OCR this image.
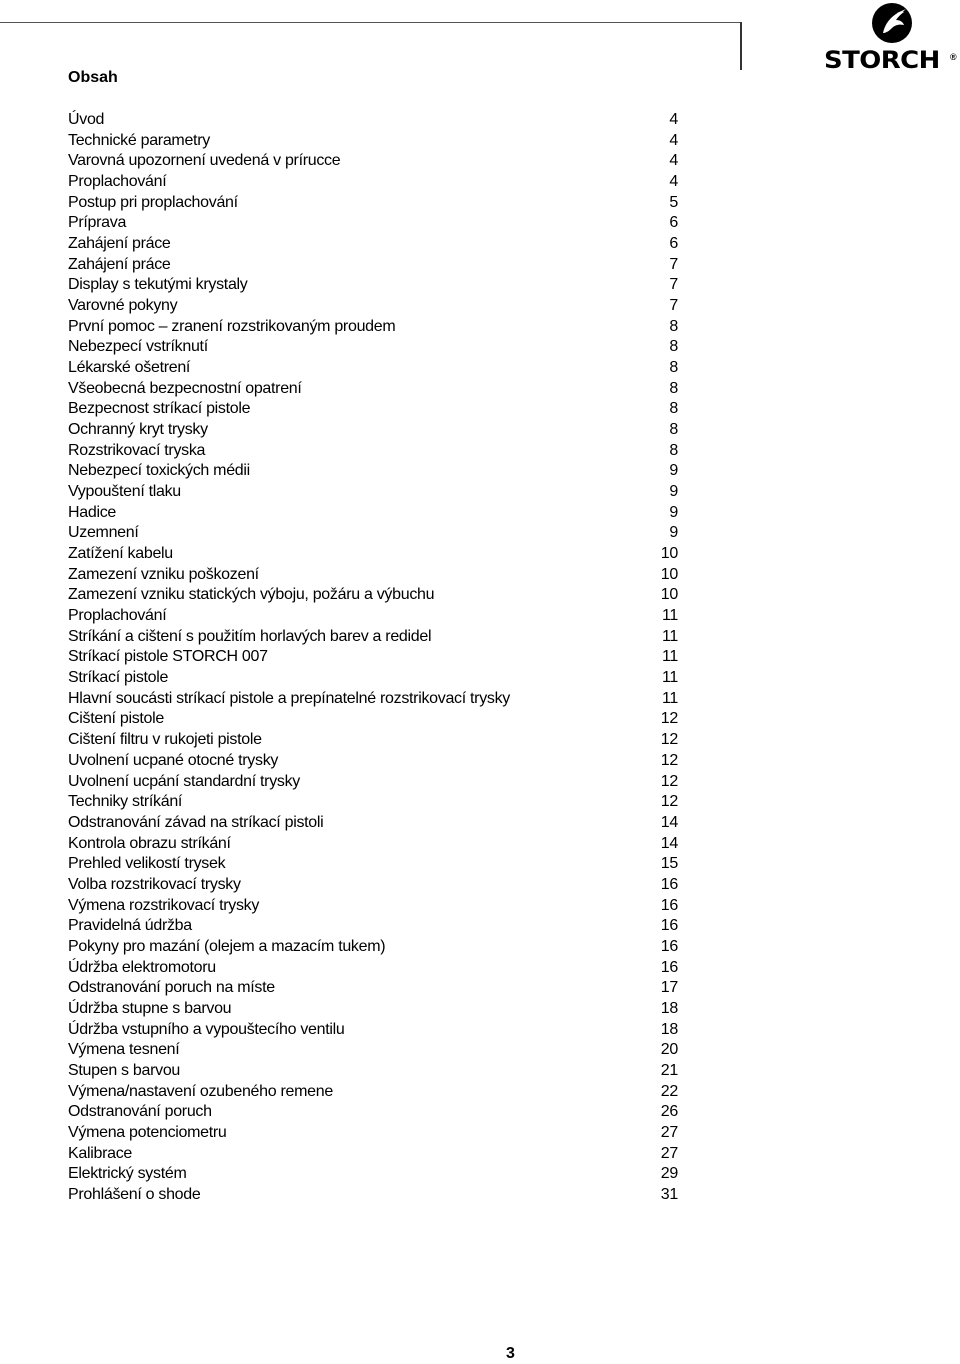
STORCH ®
Obsah
Úvod	4
Technické parametry	4
Varovná upozornení uvedená v prírucce	4
Proplachování	4
Postup pri proplachování	5
Príprava	6
Zahájení práce	6
Zahájení práce	7
Display s tekutými krystaly	7
Varovné pokyny	7
První pomoc – zranení rozstrikovaným proudem	8
Nebezpecí vstríknutí	8
Lékarské ošetrení	8
Všeobecná bezpecnostní opatrení	8
Bezpecnost stríkací pistole	8
Ochranný kryt trysky	8
Rozstrikovací tryska	8
Nebezpecí toxických médii	9
Vypouštení tlaku	9
Hadice	9
Uzemnení	9
Zatížení kabelu	10
Zamezení vzniku poškození	10
Zamezení vzniku statických výboju, požáru a výbuchu	10
Proplachování	11
Stríkání a cištení s použitím horlavých barev a redidel	11
Stríkací pistole STORCH 007	11
Stríkací pistole	11
Hlavní soucásti stríkací pistole a prepínatelné rozstrikovací trysky	11
Cištení pistole	12
Cištení filtru v rukojeti pistole	12
Uvolnení ucpané otocné trysky	12
Uvolnení ucpání standardní trysky	12
Techniky stríkání	12
Odstranování závad na stríkací pistoli	14
Kontrola obrazu stríkání	14
Prehled velikostí trysek	15
Volba rozstrikovací trysky	16
Výmena rozstrikovací trysky	16
Pravidelná údržba	16
Pokyny pro mazání (olejem a mazacím tukem)	16
Údržba elektromotoru	16
Odstranování poruch na míste	17
Údržba stupne s barvou	18
Údržba vstupního a vypouštecího ventilu	18
Výmena tesnení	20
Stupen s barvou	21
Výmena/nastavení ozubeného remene	22
Odstranování poruch	26
Výmena potenciometru	27
Kalibrace	27
Elektrický systém	29
Prohlášení o shode	31
3
